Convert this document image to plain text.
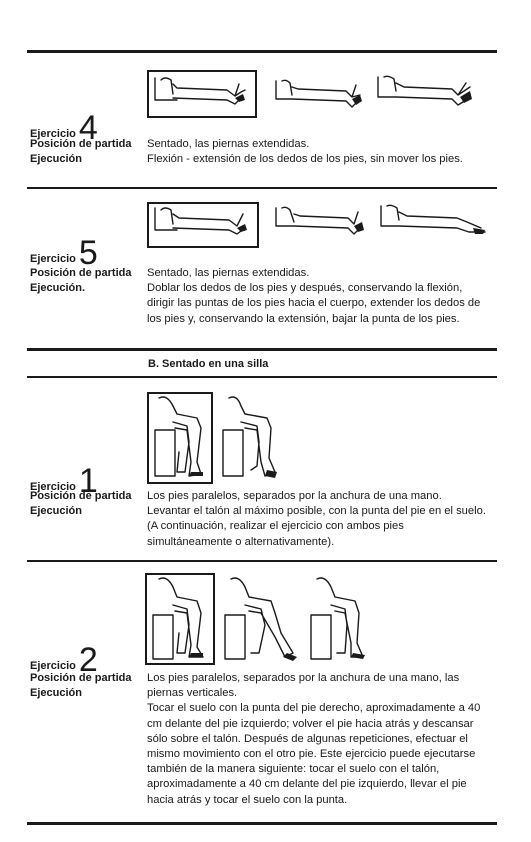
Ejercicio4
Posición de partida
Ejecución

Sentado, las piernas extendidas.

Flexión - extensión de los dedos de los pies, sin mover los pies.

Ejercicio5
Posición de partida
Ejecución.

Sentado, las piernas extendidas.

Doblar los dedos de los pies y después, conservando la flexión, dirigir las puntas de los pies hacia el cuerpo, extender los dedos de los pies y, conservando la extensión, bajar la punta de los pies.

B. Sentado en una silla
Ejercicio1
Posición de partida
Ejecución

Los pies paralelos, separados por la anchura de una mano.

Levantar el talón al máximo posible, con la punta del pie en el suelo. (A continuación, realizar el ejercicio con ambos pies simultáneamente o alternativamente).

Ejercicio2
Posición de partida
Ejecución

Los pies paralelos, separados por la anchura de una mano, las piernas verticales.

Tocar el suelo con la punta del pie derecho, aproximadamente a 40 cm delante del pie izquierdo; volver el pie hacia atrás y descansar sólo sobre el talón. Después de algunas repeticiones, efectuar el mismo movimiento con el otro pie. Este ejercicio puede ejecutarse también de la manera siguiente: tocar el suelo con el talón, aproximadamente a 40 cm delante del pie izquierdo, llevar el pie hacia atrás y tocar el suelo con la punta.
